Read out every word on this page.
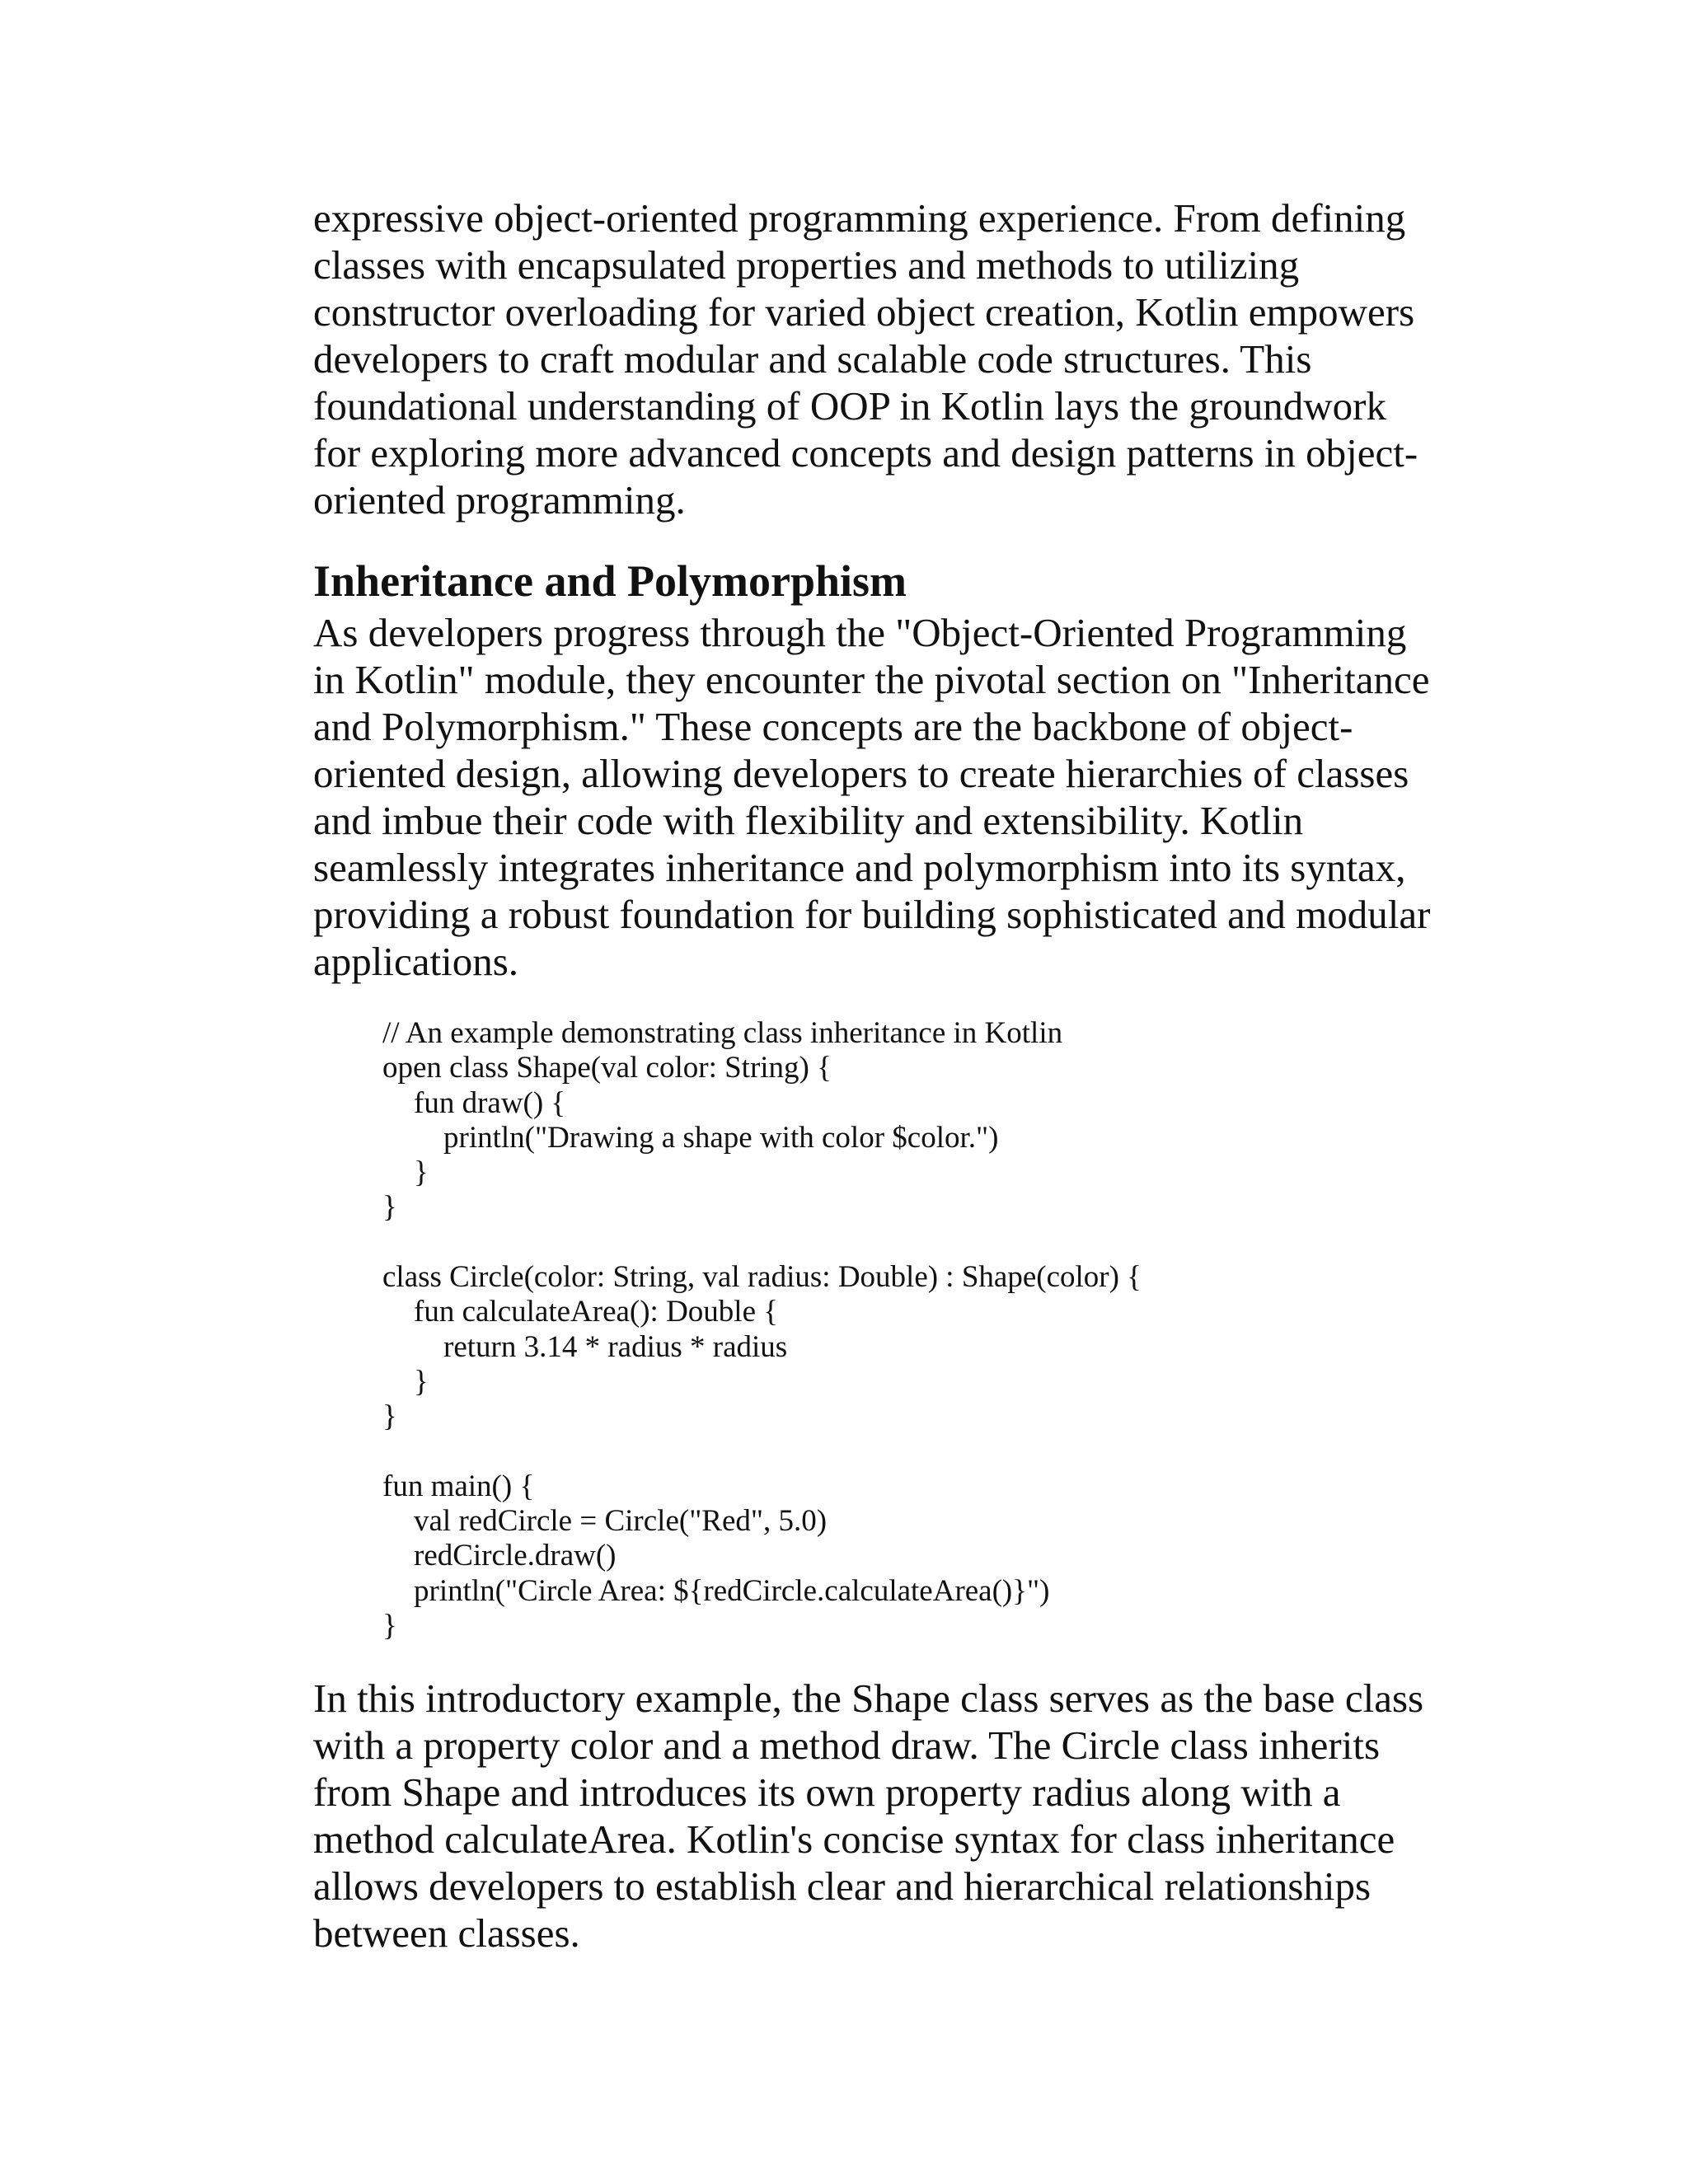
expressive object-oriented programming experience. From defining
classes with encapsulated properties and methods to utilizing
constructor overloading for varied object creation, Kotlin empowers
developers to craft modular and scalable code structures. This
foundational understanding of OOP in Kotlin lays the groundwork
for exploring more advanced concepts and design patterns in object-
oriented programming.

Inheritance and Polymorphism

As developers progress through the "Object-Oriented Programming
in Kotlin" module, they encounter the pivotal section on "Inheritance
and Polymorphism." These concepts are the backbone of object-
oriented design, allowing developers to create hierarchies of classes
and imbue their code with flexibility and extensibility. Kotlin
seamlessly integrates inheritance and polymorphism into its syntax,
providing a robust foundation for building sophisticated and modular
applications.

// An example demonstrating class inheritance in Kotlin
open class Shape(val color: String) {
fun draw() {
println("Drawing a shape with color $color.")
}
}
class Circle(color: String, val radius: Double) : Shape(color) {
fun calculateArea(): Double {
return 3.14 * radius * radius
}
}
fun main() {
val redCircle = Circle("Red", 5.0)
redCircle.draw()
println("Circle Area: ${redCircle.calculateArea()}")
}

In this introductory example, the Shape class serves as the base class
with a property color and a method draw. The Circle class inherits
from Shape and introduces its own property radius along with a
method calculateArea. Kotlin's concise syntax for class inheritance
allows developers to establish clear and hierarchical relationships
between classes.
